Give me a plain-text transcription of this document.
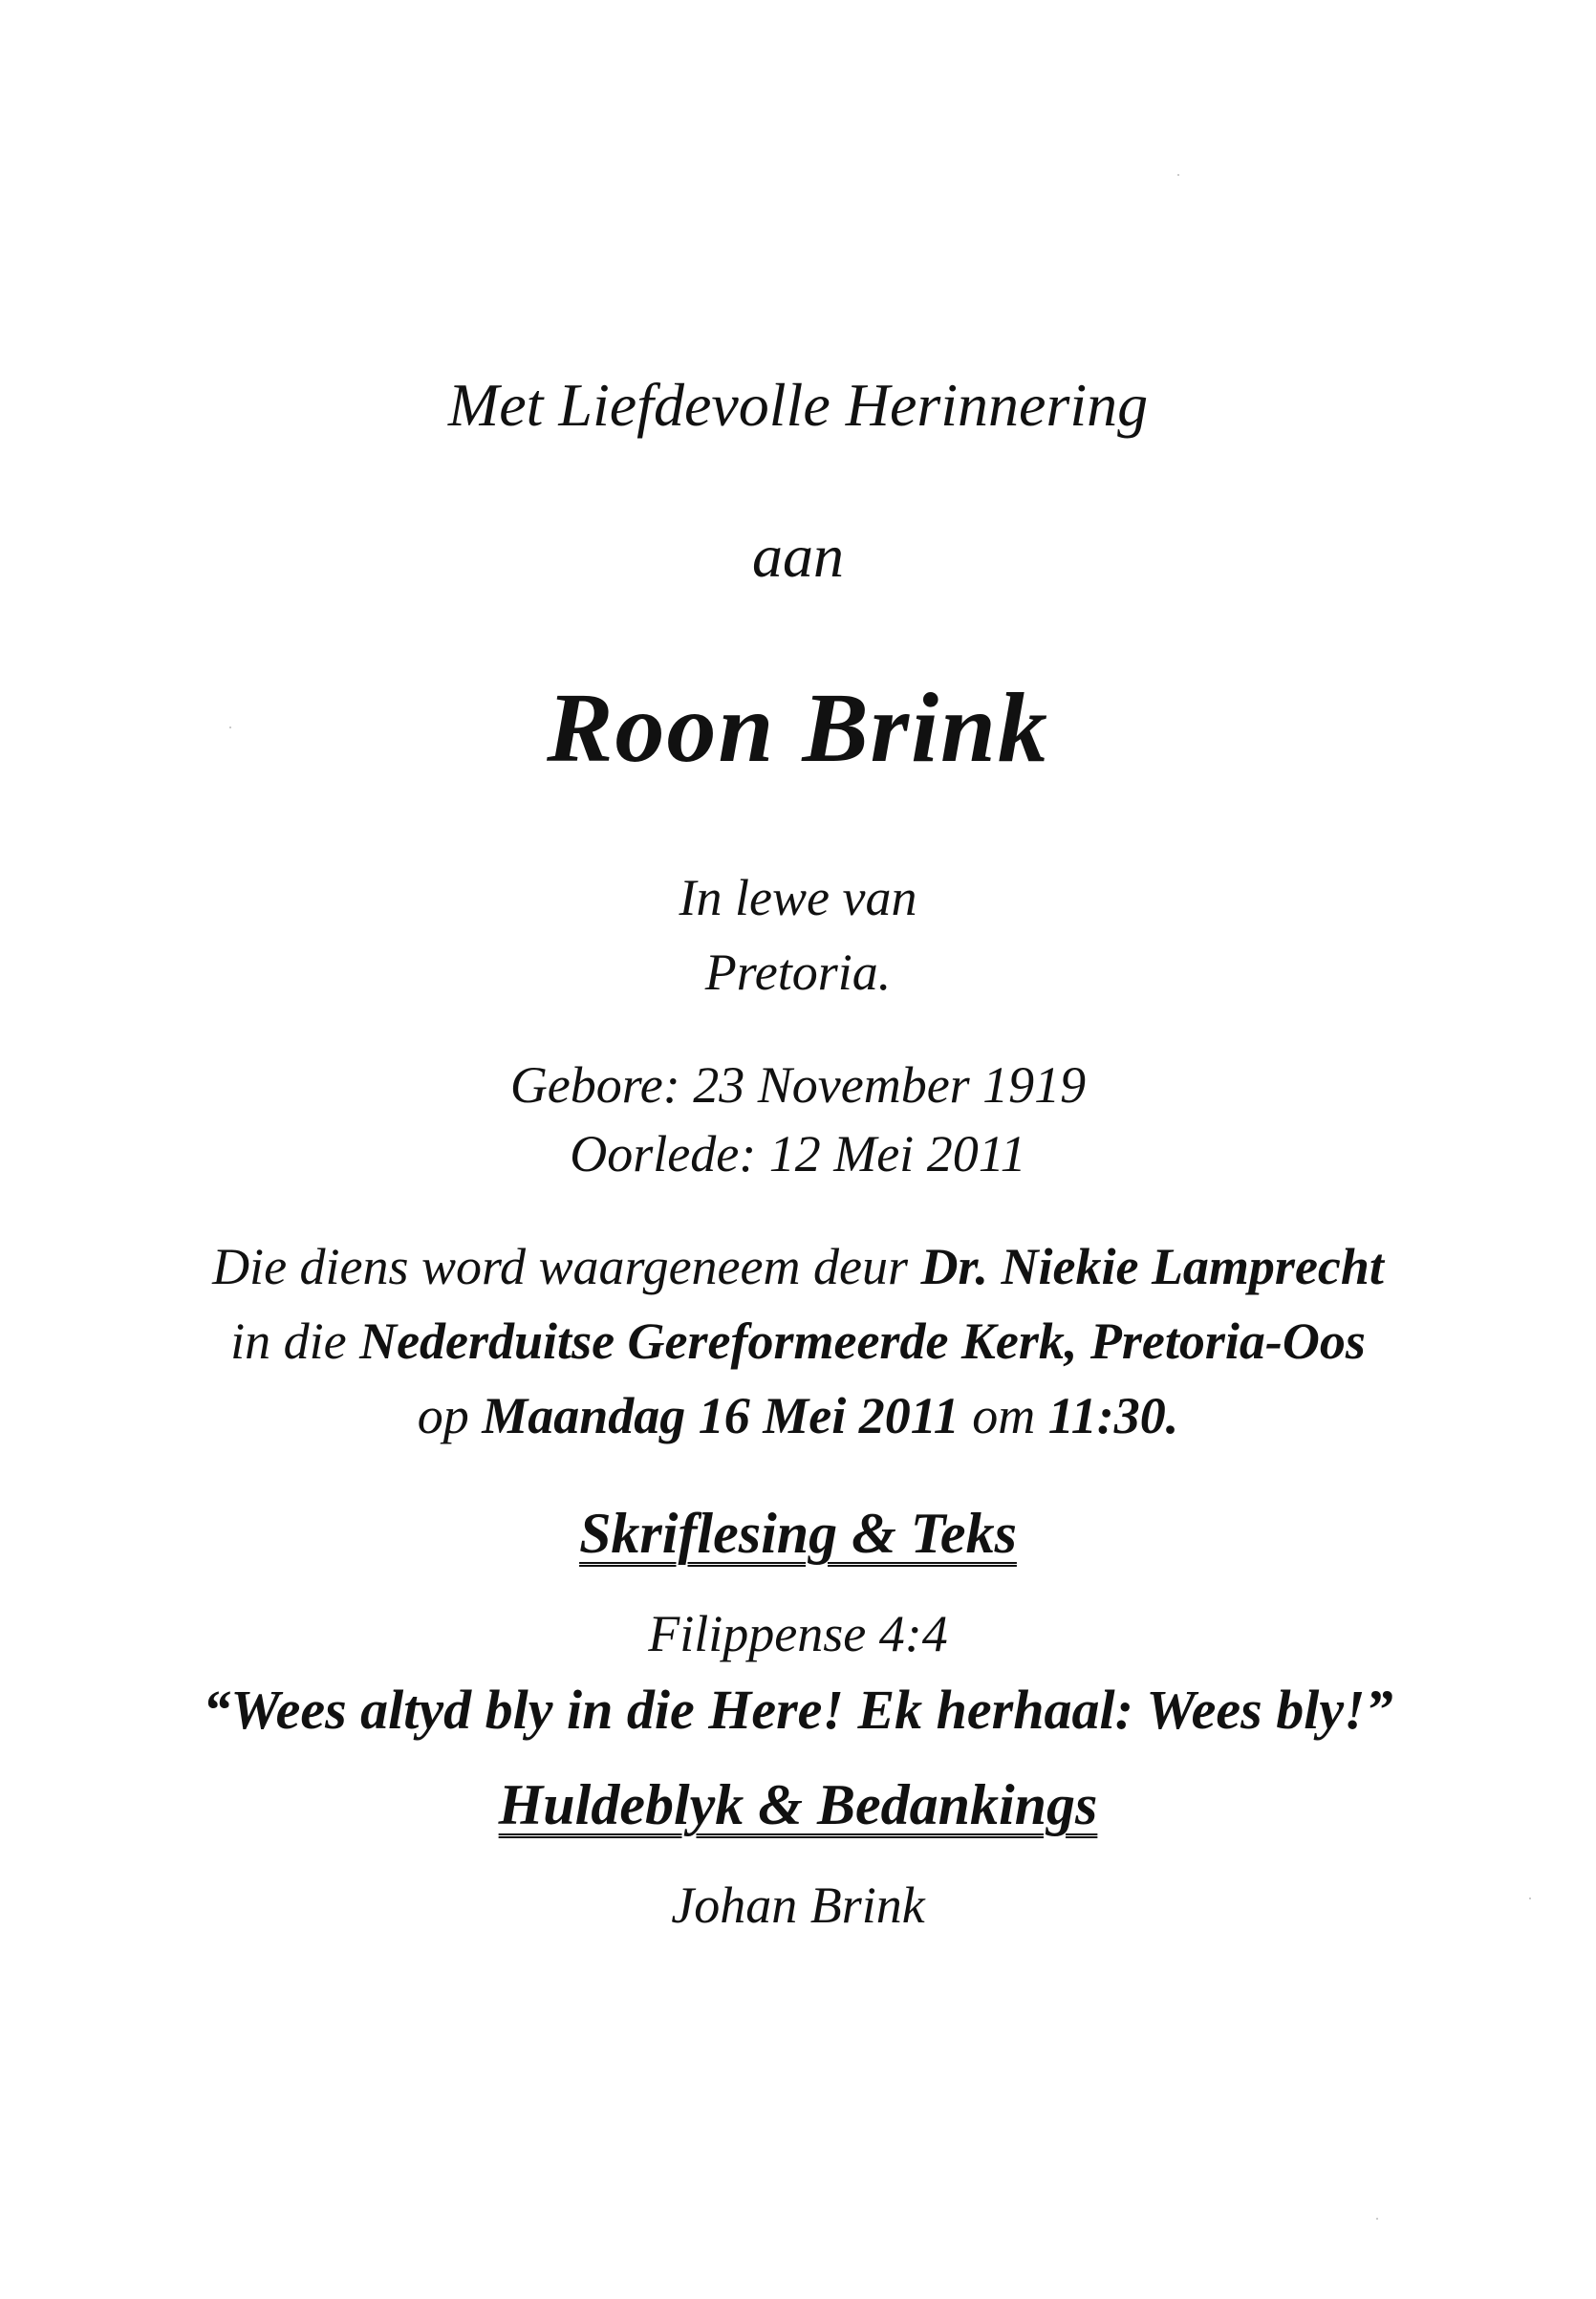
Met Liefdevolle Herinnering

aan

Roon Brink

In lewe van

Pretoria.

Gebore: 23 November 1919

Oorlede: 12 Mei 2011

Die diens word waargeneem deur Dr. Niekie Lamprecht

in die Nederduitse Gereformeerde Kerk, Pretoria-Oos

op Maandag 16 Mei 2011 om 11:30.

Skriflesing & Teks

Filippense 4:4

“Wees altyd bly in die Here! Ek herhaal: Wees bly!”

Huldeblyk & Bedankings

Johan Brink
